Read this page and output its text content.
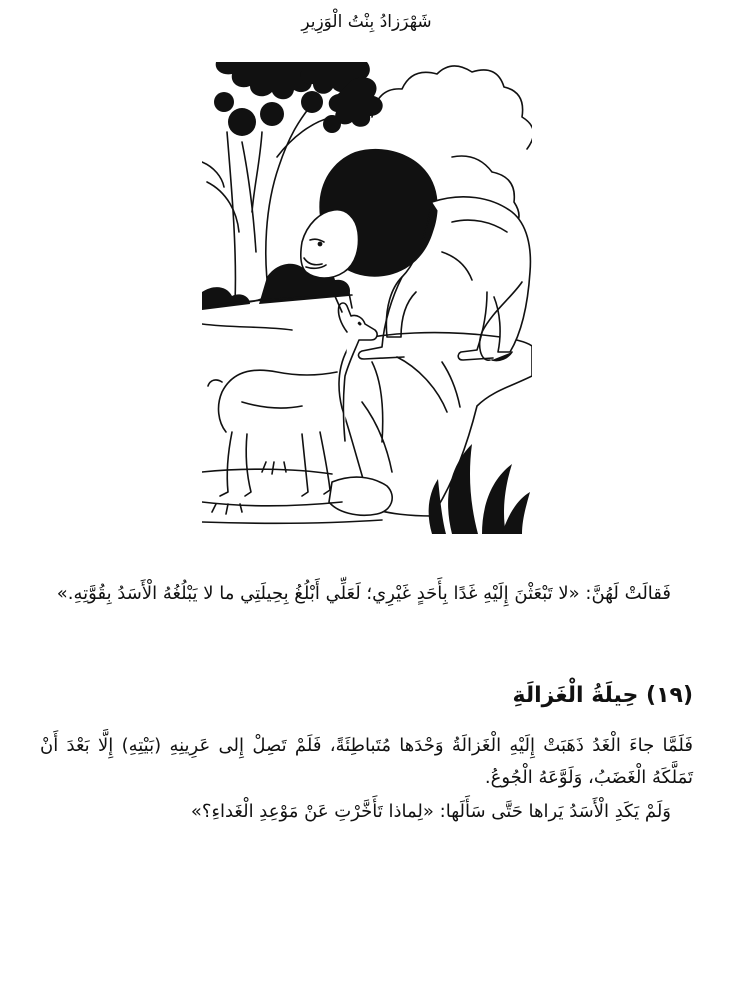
شَهْرَزادُ بِنْتُ الْوَزِيرِ

فَقالَتْ لَهُنَّ: «لا تَبْعَثْنَ إِلَيْهِ غَدًا بِأَحَدٍ غَيْرِي؛ لَعَلِّي أَبْلُغُ بِحِيلَتِي ما لا يَبْلُغُهُ الْأَسَدُ بِقُوَّتِهِ.»

(١٩) حِيلَةُ الْغَزالَةِ

فَلَمَّا جاءَ الْغَدُ ذَهَبَتْ إِلَيْهِ الْغَزالَةُ وَحْدَها مُتَباطِئَةً، فَلَمْ تَصِلْ إِلى عَرِينِهِ (بَيْتِهِ) إِلَّا بَعْدَ أَنْ تَمَلَّكَهُ الْغَضَبُ، وَلَوَّعَهُ الْجُوعُ.

وَلَمْ يَكَدِ الْأَسَدُ يَراها حَتَّى سَأَلَها: «لِماذا تَأَخَّرْتِ عَنْ مَوْعِدِ الْغَداءِ؟»
